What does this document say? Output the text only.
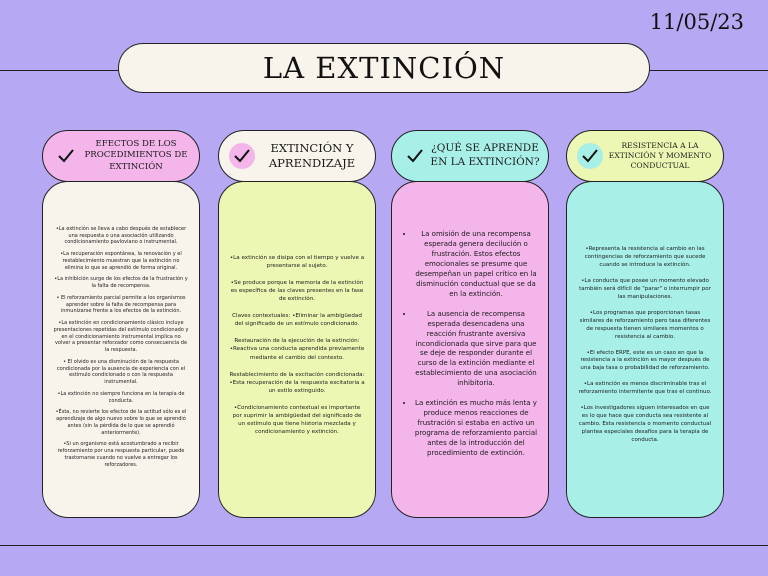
11/05/23
LA EXTINCIÓN
EFECTOS DE LOS PROCEDIMIENTOS DE EXTINCIÓN

•La extinción se lleva a cabo después de establecer una respuesta o una asociación utilizando condicionamiento pavloviano o instrumental.

•La recuperación espontánea, la renovación y el restablecimiento muestran que la extinción no elimina lo que se aprendió de forma original.

•La inhibición surge de los efectos de la frustración y la falta de recompensa.

• El reforzamiento parcial permite a los organismos aprender sobre la falta de recompensa para inmunizarse frente a los efectos de la extinción.

•La extinción en condicionamiento clásico incluye presentaciones repetidas del estímulo condicionado y en el condicionamiento instrumental implica no volver a presentar reforzador como consecuencia de la respuesta.

• El olvido es una disminución de la respuesta condicionada por la ausencia de experiencia con el estímulo condicionado o con la respuesta instrumental.

•La extinción no siempre funciona en la terapia de conducta.

•Ésta, no revierte los efectos de la actitud sólo es el aprendizaje de algo nuevo sobre lo que se aprendió antes (sin la pérdida de lo que se aprendió anteriormente).

•Si un organismo está acostumbrado a recibir reforzamiento por una respuesta particular, puede trastornarse cuando no vuelve a entregar los reforzadores.

EXTINCIÓN Y APRENDIZAJE

•La extinción se disipa con el tiempo y vuelve a presentarse al sujeto.

•Se produce porque la memoria de la extinción es específica de las claves presentes en la fase de extinción.

Claves contextuales: •Eliminar la ambigüedad del significado de un estímulo condicionado.

Restauración de la ejecución de la extinción: •Reactiva una conducta aprendida previamente mediante el cambio del contexto.

Restablecimiento de la excitación condicionada: •Esta recuperación de la respuesta excitatoria a un estilo extinguido.

•Condicionamiento contextual es importante por suprimir la ambigüedad del significado de un estímulo que tiene historia mezclada y condicionamiento y extinción.

¿QUÉ SE APRENDE EN LA EXTINCIÓN?
• La omisión de una recompensa esperada genera decilución o frustración. Estos efectos emocionales se presume que desempeñan un papel crítico en la disminución conductual que se da en la extinción.
• La ausencia de recompensa esperada desencadena una reacción frustrante aversiva incondicionada que sirve para que se deje de responder durante el curso de la extinción mediante el establecimiento de una asociación inhibitoria.
• La extinción es mucho más lenta y produce menos reacciones de frustración si estaba en activo un programa de reforzamiento parcial antes de la introducción del procedimiento de extinción.
RESISTENCIA A LA EXTINCIÓN Y MOMENTO CONDUCTUAL

•Representa la resistencia al cambio en las contingencias de reforzamiento que sucede cuando se introduce la extinción.

•La conducta que posee un momento elevado también será difícil de "parar" o interrumpir por las manipulaciones.

•Los programas que proporcionan tasas similares de reforzamiento pero tasa diferentes de respuesta tienen similares momentos o resistencia al cambio.

•El efecto ERPE, este es un caso en que la resistencia a la extinción es mayor después de una baja tasa o probabilidad de reforzamiento.

•La extinción es menos discriminable tras el reforzamiento intermitente que tras el continuo.

•Los investigadores siguen interesados en que es lo que hace que conducta sea resistente al cambio. Esta resistencia o momento conductual plantea especiales desafíos para la terapia de conducta.
